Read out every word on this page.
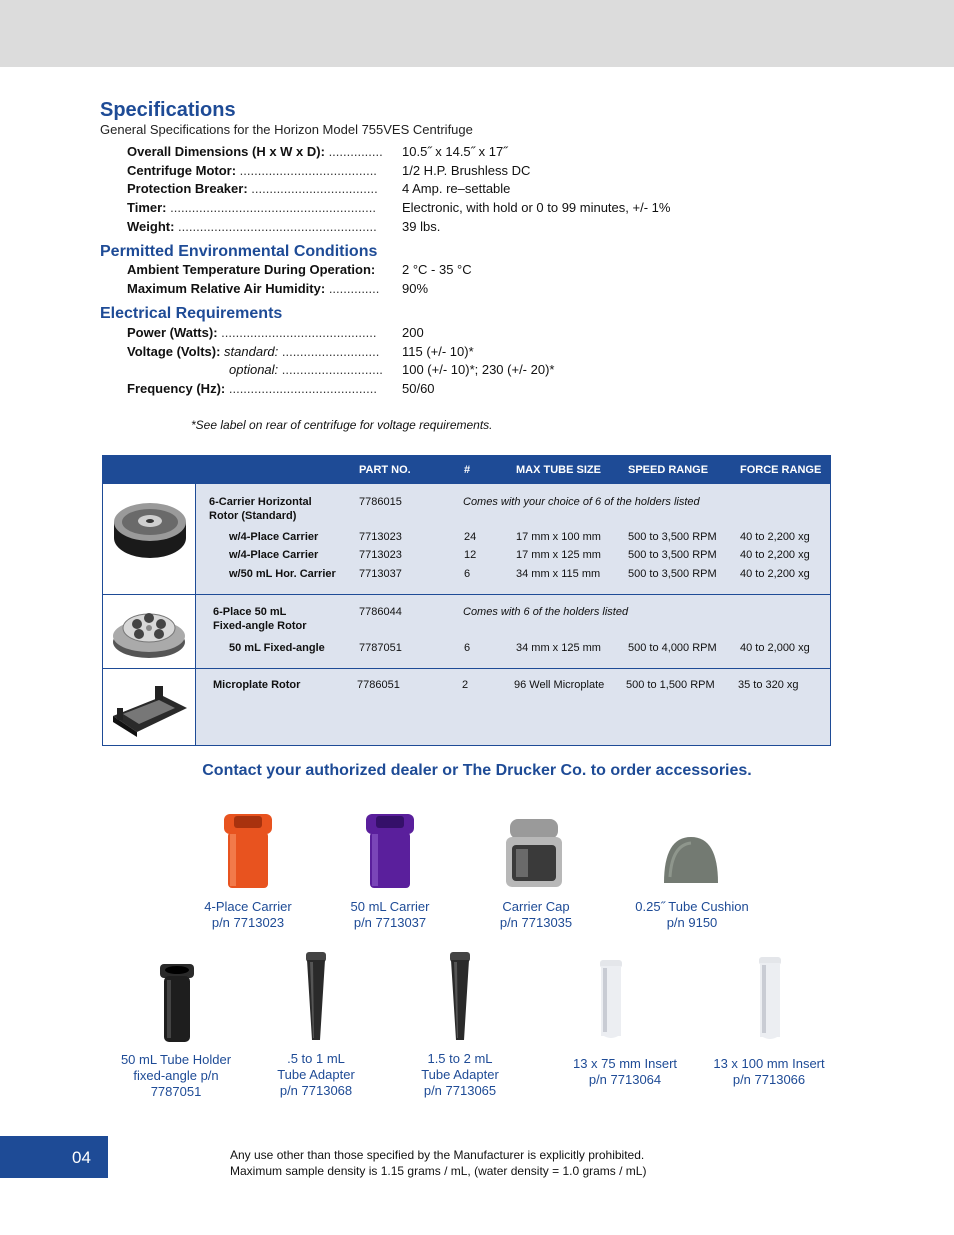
Specifications
General Specifications for the Horizon Model 755VES Centrifuge
Overall Dimensions (H x W x D): ............... 10.5˝ x 14.5˝ x 17˝
Centrifuge Motor: ...................................... 1/2 H.P. Brushless DC
Protection Breaker: ................................... 4 Amp. re–settable
Timer: ......................................................... Electronic, with hold or 0 to 99 minutes, +/- 1%
Weight: ....................................................... 39 lbs.
Permitted Environmental Conditions
Ambient Temperature During Operation: 2 °C - 35 °C
Maximum Relative Air Humidity: .............. 90%
Electrical Requirements
Power (Watts): ........................................... 200
Voltage (Volts): standard: ........................... 115 (+/- 10)*
optional: ............................ 100 (+/- 10)*; 230 (+/- 20)*
Frequency (Hz): ......................................... 50/60
*See label on rear of centrifuge for voltage requirements.
PART NO.	#	MAX TUBE SIZE SPEED RANGE	FORCE RANGE
6-Carrier Horizontal
Rotor (Standard)
7786015	Comes with your choice of 6 of the holders listed
w/4-Place Carrier	7713023	24	17 mm x 100 mm 500 to 3,500 RPM 40 to 2,200 xg
w/4-Place Carrier	7713023	12	17 mm x 125 mm 500 to 3,500 RPM 40 to 2,200 xg
w/50 mL Hor. Carrier 7713037	6	34 mm x 115 mm	500 to 3,500 RPM 40 to 2,200 xg
6-Place 50 mL
Fixed-angle Rotor
7786044	Comes with 6 of the holders listed
50 mL Fixed-angle	7787051	6	34 mm x 125 mm 500 to 4,000 RPM 40 to 2,000 xg
Microplate Rotor	7786051	2	96 Well Microplate 500 to 1,500 RPM 35 to 320 xg
Contact your authorized dealer or The Drucker Co. to order accessories.
4-Place Carrier
p/n 7713023
50 mL Carrier
p/n 7713037
Carrier Cap
p/n 7713035
0.25˝ Tube Cushion
p/n 9150
50 mL Tube Holder
fixed-angle p/n
7787051
.5 to 1 mL
Tube Adapter
p/n 7713068
1.5 to 2 mL
Tube Adapter
p/n 7713065
13 x 75 mm Insert
p/n 7713064
13 x 100 mm Insert
p/n 7713066
04	Any use other than those specified by the Manufacturer is explicitly prohibited.
Maximum sample density is 1.15 grams / mL, (water density = 1.0 grams / mL)
